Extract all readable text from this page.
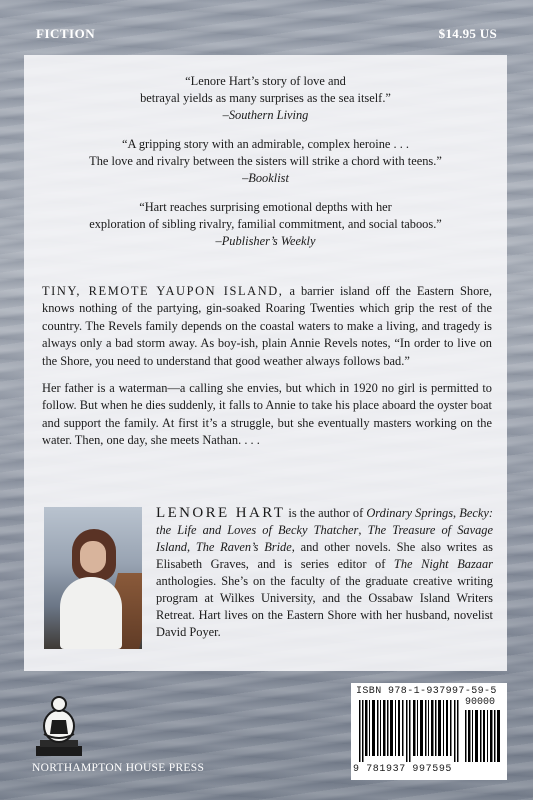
FICTION	$14.95 US
“Lenore Hart’s story of love and
betrayal yields as many surprises as the sea itself.”
–Southern Living
“A gripping story with an admirable, complex heroine . . .
The love and rivalry between the sisters will strike a chord with teens.”
–Booklist
“Hart reaches surprising emotional depths with her
exploration of sibling rivalry, familial commitment, and social taboos.”
–Publisher’s Weekly

TINY, REMOTE YAUPON ISLAND, a barrier island off the Eastern Shore, knows nothing of the partying, gin-soaked Roaring Twenties which grip the rest of the country. The Revels family depends on the coastal waters to make a living, and tragedy is always only a bad storm away. As boy-ish, plain Annie Revels notes, “In order to live on the Shore, you need to understand that good weather always follows bad.”

Her father is a waterman—a calling she envies, but which in 1920 no girl is permitted to follow. But when he dies suddenly, it falls to Annie to take his place aboard the oyster boat and support the family. At first it’s a struggle, but she eventually masters working on the water. Then, one day, she meets Nathan. . . .

LENORE HART is the author of Ordinary Springs, Becky: the Life and Loves of Becky Thatcher, The Treasure of Savage Island, The Raven’s Bride, and other novels. She also writes as Elisabeth Graves, and is series editor of The Night Bazaar anthologies. She’s on the faculty of the graduate creative writing program at Wilkes University, and the Ossabaw Island Writers Retreat. Hart lives on the Eastern Shore with her husband, novelist David Poyer.
NORTHAMPTON HOUSE PRESS
ISBN 978-1-937997-59-5
90000
9 781937 997595
